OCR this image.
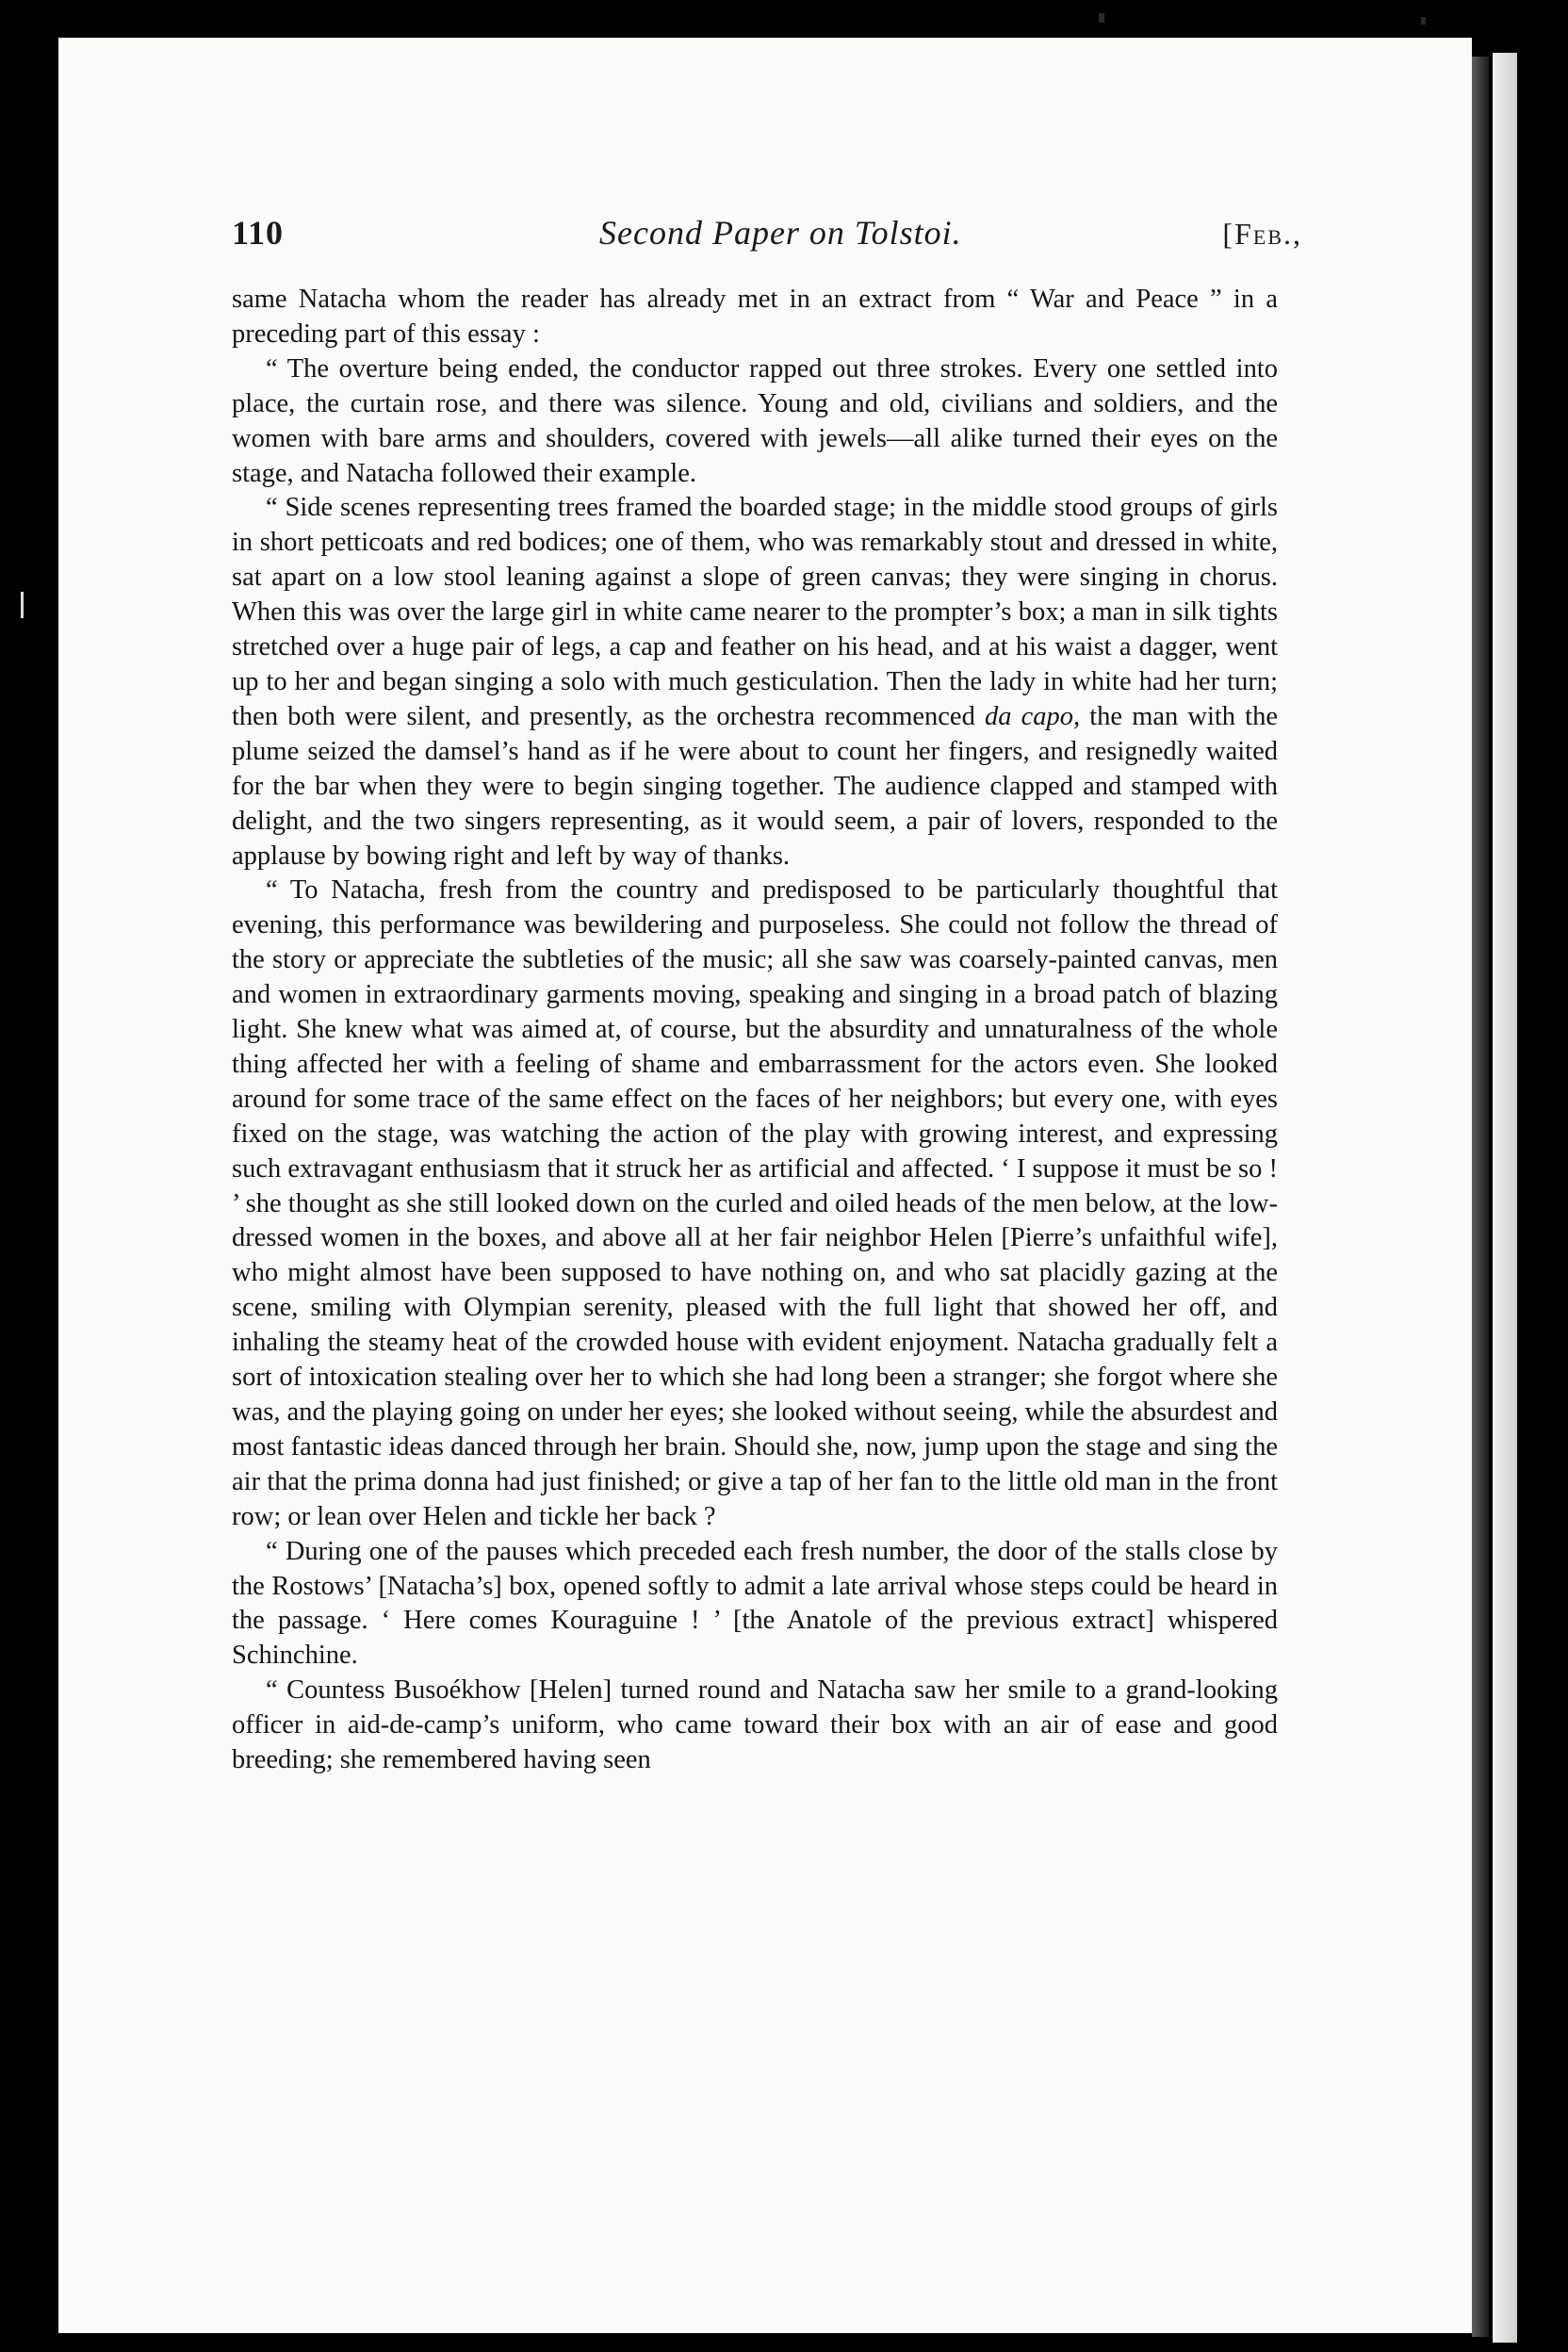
110	Second Paper on Tolstoi.	[Feb.,

same Natacha whom the reader has already met in an extract from “ War and Peace ” in a preceding part of this essay :

“ The overture being ended, the conductor rapped out three strokes. Every one settled into place, the curtain rose, and there was silence. Young and old, civilians and soldiers, and the women with bare arms and shoulders, covered with jewels—all alike turned their eyes on the stage, and Natacha followed their example.

“ Side scenes representing trees framed the boarded stage; in the middle stood groups of girls in short petticoats and red bodices; one of them, who was remarkably stout and dressed in white, sat apart on a low stool leaning against a slope of green canvas; they were singing in chorus. When this was over the large girl in white came nearer to the prompter’s box; a man in silk tights stretched over a huge pair of legs, a cap and feather on his head, and at his waist a dagger, went up to her and began singing a solo with much gesticulation. Then the lady in white had her turn; then both were silent, and presently, as the orchestra recommenced da capo, the man with the plume seized the damsel’s hand as if he were about to count her fingers, and resignedly waited for the bar when they were to begin singing together. The audience clapped and stamped with delight, and the two singers representing, as it would seem, a pair of lovers, responded to the applause by bowing right and left by way of thanks.

“ To Natacha, fresh from the country and predisposed to be particularly thoughtful that evening, this performance was bewildering and purposeless. She could not follow the thread of the story or appreciate the subtleties of the music; all she saw was coarsely-painted canvas, men and women in extraordinary garments moving, speaking and singing in a broad patch of blazing light. She knew what was aimed at, of course, but the absurdity and unnaturalness of the whole thing affected her with a feeling of shame and embarrassment for the actors even. She looked around for some trace of the same effect on the faces of her neighbors; but every one, with eyes fixed on the stage, was watching the action of the play with growing interest, and expressing such extravagant enthusiasm that it struck her as artificial and affected. ‘ I suppose it must be so ! ’ she thought as she still looked down on the curled and oiled heads of the men below, at the low-dressed women in the boxes, and above all at her fair neighbor Helen [Pierre’s unfaithful wife], who might almost have been supposed to have nothing on, and who sat placidly gazing at the scene, smiling with Olympian serenity, pleased with the full light that showed her off, and inhaling the steamy heat of the crowded house with evident enjoyment. Natacha gradually felt a sort of intoxication stealing over her to which she had long been a stranger; she forgot where she was, and the playing going on under her eyes; she looked without seeing, while the absurdest and most fantastic ideas danced through her brain. Should she, now, jump upon the stage and sing the air that the prima donna had just finished; or give a tap of her fan to the little old man in the front row; or lean over Helen and tickle her back ?

“ During one of the pauses which preceded each fresh number, the door of the stalls close by the Rostows’ [Natacha’s] box, opened softly to admit a late arrival whose steps could be heard in the passage. ‘ Here comes Kouraguine ! ’ [the Anatole of the previous extract] whispered Schinchine.

“ Countess Busoékhow [Helen] turned round and Natacha saw her smile to a grand-looking officer in aid-de-camp’s uniform, who came toward their box with an air of ease and good breeding; she remembered having seen
